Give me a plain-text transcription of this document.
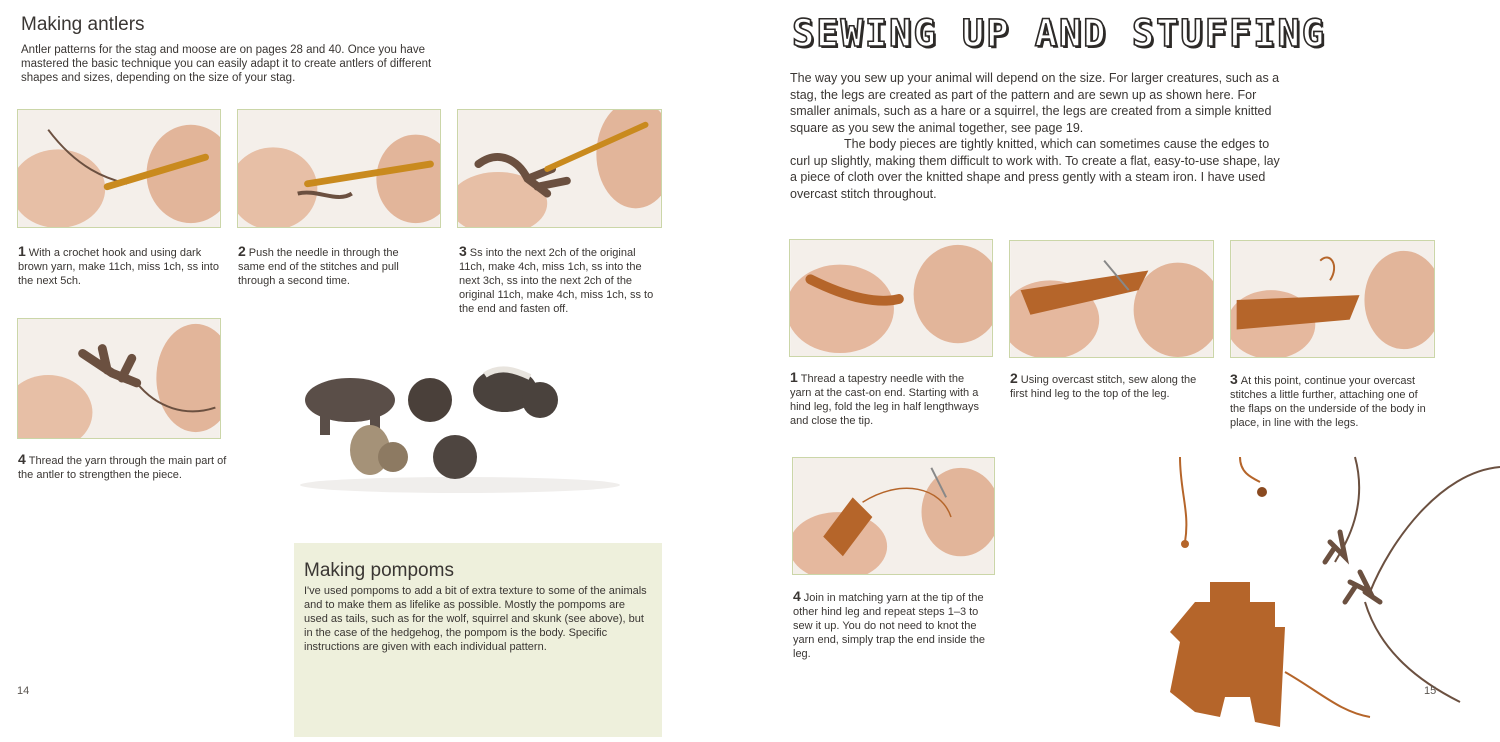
Making antlers
Antler patterns for the stag and moose are on pages 28 and 40. Once you have mastered the basic technique you can easily adapt it to create antlers of different shapes and sizes, depending on the size of your stag.
1 With a crochet hook and using dark brown yarn, make 11ch, miss 1ch, ss into the next 5ch.
2 Push the needle in through the same end of the stitches and pull through a second time.
3 Ss into the next 2ch of the original 11ch, make 4ch, miss 1ch, ss into the next 3ch, ss into the next 2ch of the original 11ch, make 4ch, miss 1ch, ss to the end and fasten off.
4 Thread the yarn through the main part of the antler to strengthen the piece.
Making pompoms
I've used pompoms to add a bit of extra texture to some of the animals and to make them as lifelike as possible. Mostly the pompoms are used as tails, such as for the wolf, squirrel and skunk (see above), but in the case of the hedgehog, the pompom is the body. Specific instructions are given with each individual pattern.
14
SEWING UP AND STUFFING

The way you sew up your animal will depend on the size. For larger creatures, such as a stag, the legs are created as part of the pattern and are sewn up as shown here. For smaller animals, such as a hare or a squirrel, the legs are created from a simple knitted square as you sew the animal together, see page 19.

The body pieces are tightly knitted, which can sometimes cause the edges to curl up slightly, making them difficult to work with. To create a flat, easy-to-use shape, lay a piece of cloth over the knitted shape and press gently with a steam iron. I have used overcast stitch throughout.

1 Thread a tapestry needle with the yarn at the cast-on end. Starting with a hind leg, fold the leg in half lengthways and close the tip.
2 Using overcast stitch, sew along the first hind leg to the top of the leg.
3 At this point, continue your overcast stitches a little further, attaching one of the flaps on the underside of the body in place, in line with the legs.
4 Join in matching yarn at the tip of the other hind leg and repeat steps 1–3 to sew it up. You do not need to knot the yarn end, simply trap the end inside the leg.
15
